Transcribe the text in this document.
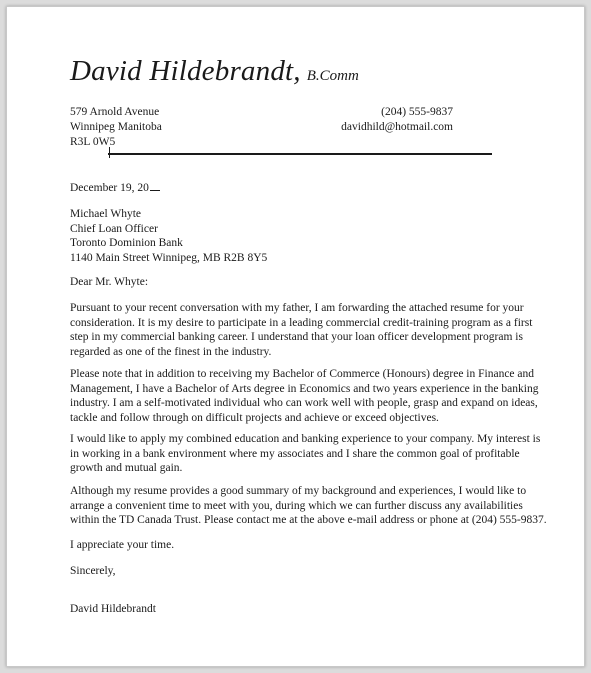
David Hildebrandt, B.Comm
579 Arnold Avenue
Winnipeg Manitoba
R3L 0W5
(204) 555-9837
davidhild@hotmail.com
December 19, 20
Michael Whyte
Chief Loan Officer
Toronto Dominion Bank
1140 Main Street Winnipeg, MB R2B 8Y5
Dear Mr. Whyte:
Pursuant to your recent conversation with my father, I am forwarding the attached resume for your
consideration. It is my desire to participate in a leading commercial credit-training program as a first
step in my commercial banking career. I understand that your loan officer development program is
regarded as one of the finest in the industry.
Please note that in addition to receiving my Bachelor of Commerce (Honours) degree in Finance and
Management, I have a Bachelor of Arts degree in Economics and two years experience in the banking
industry. I am a self-motivated individual who can work well with people, grasp and expand on ideas,
tackle and follow through on difficult projects and achieve or exceed objectives.
I would like to apply my combined education and banking experience to your company. My interest is
in working in a bank environment where my associates and I share the common goal of profitable
growth and mutual gain.
Although my resume provides a good summary of my background and experiences, I would like to
arrange a convenient time to meet with you, during which we can further discuss any availabilities
within the TD Canada Trust. Please contact me at the above e-mail address or phone at (204) 555-9837.
I appreciate your time.
Sincerely,
David Hildebrandt
